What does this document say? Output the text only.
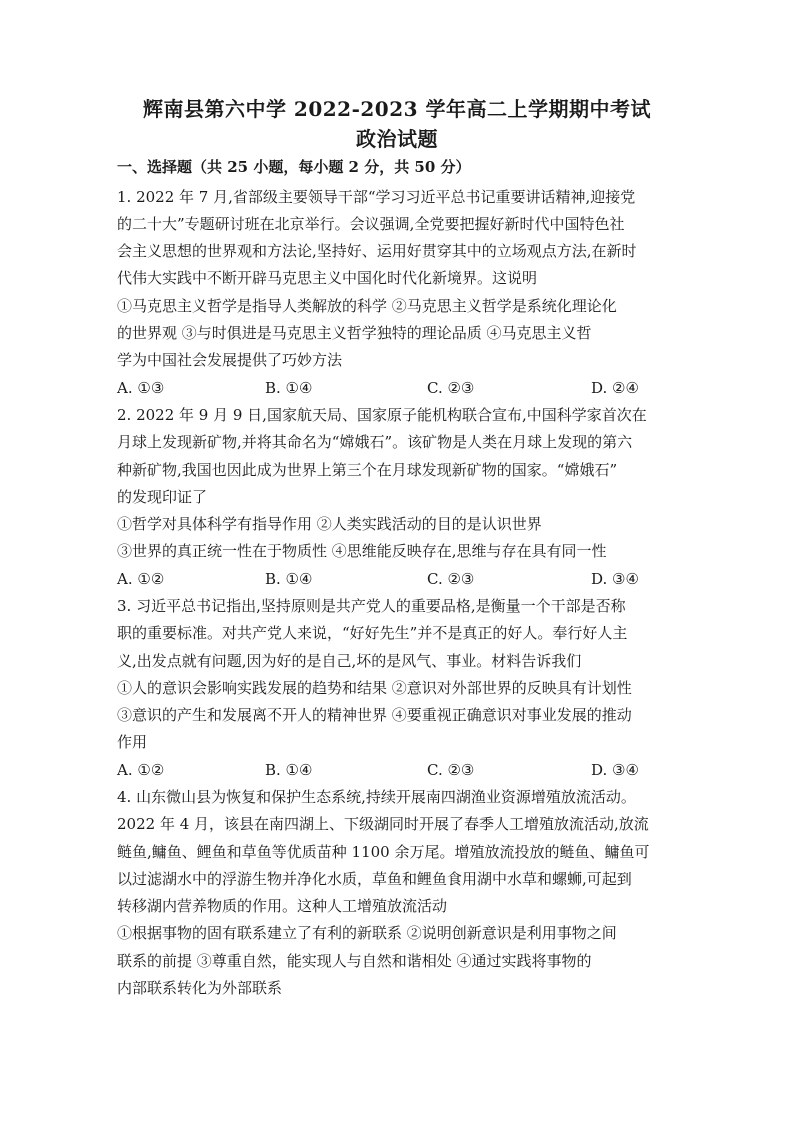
辉南县第六中学 2022-2023 学年高二上学期期中考试
政治试题
一、选择题（共 25 小题，每小题 2 分，共 50 分）
1. 2022 年 7 月,省部级主要领导干部“学习习近平总书记重要讲话精神,迎接党
的二十大”专题研讨班在北京举行。会议强调,全党要把握好新时代中国特色社
会主义思想的世界观和方法论,坚持好、运用好贯穿其中的立场观点方法,在新时
代伟大实践中不断开辟马克思主义中国化时代化新境界。这说明
①马克思主义哲学是指导人类解放的科学 ②马克思主义哲学是系统化理论化
的世界观 ③与时俱进是马克思主义哲学独特的理论品质 ④马克思主义哲
学为中国社会发展提供了巧妙方法
A. ①③	B. ①④	C. ②③	D. ②④
2. 2022 年 9 月 9 日,国家航天局、国家原子能机构联合宣布,中国科学家首次在
月球上发现新矿物,并将其命名为“嫦娥石”。该矿物是人类在月球上发现的第六
种新矿物,我国也因此成为世界上第三个在月球发现新矿物的国家。“嫦娥石”
的发现印证了
①哲学对具体科学有指导作用 ②人类实践活动的目的是认识世界
③世界的真正统一性在于物质性 ④思维能反映存在,思维与存在具有同一性
A. ①②	B. ①④	C. ②③	D. ③④
3. 习近平总书记指出,坚持原则是共产党人的重要品格,是衡量一个干部是否称
职的重要标准。对共产党人来说，“好好先生”并不是真正的好人。奉行好人主
义,出发点就有问题,因为好的是自己,坏的是风气、事业。材料告诉我们
①人的意识会影响实践发展的趋势和结果 ②意识对外部世界的反映具有计划性
③意识的产生和发展离不开人的精神世界 ④要重视正确意识对事业发展的推动
作用
A. ①②	B. ①④	C. ②③	D. ③④
4. 山东微山县为恢复和保护生态系统,持续开展南四湖渔业资源增殖放流活动。
2022 年 4 月，该县在南四湖上、下级湖同时开展了春季人工增殖放流活动,放流
鲢鱼,鳙鱼、鲤鱼和草鱼等优质苗种 1100 余万尾。增殖放流投放的鲢鱼、鳙鱼可
以过滤湖水中的浮游生物并净化水质，草鱼和鲤鱼食用湖中水草和螺蛳,可起到
转移湖内营养物质的作用。这种人工增殖放流活动
①根据事物的固有联系建立了有利的新联系 ②说明创新意识是利用事物之间
联系的前提 ③尊重自然，能实现人与自然和谐相处 ④通过实践将事物的
内部联系转化为外部联系
